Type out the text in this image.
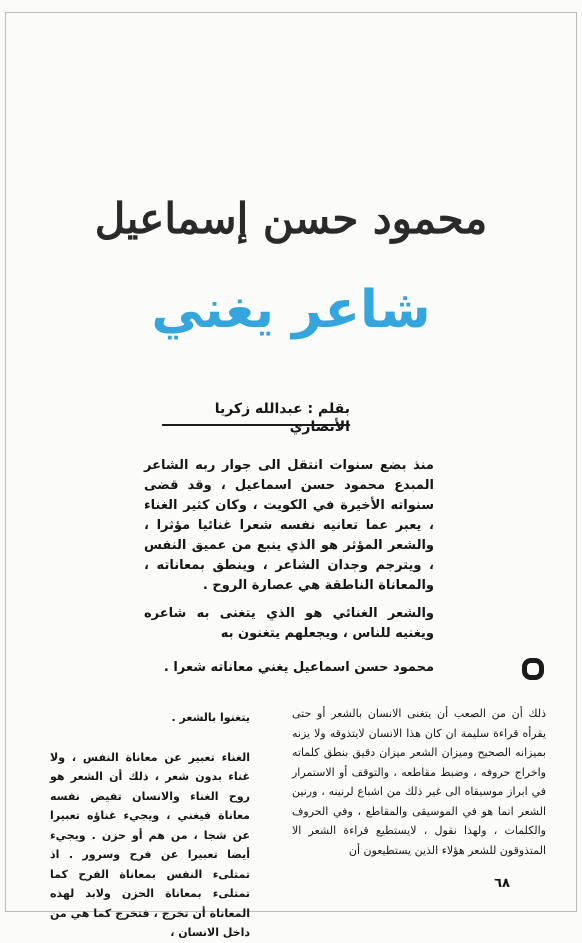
محمود حسن إسماعيل
شاعر يغني
بقلم : عبدالله زكريا الأنصاري

منذ بضع سنوات انتقل الى جوار ربه الشاعر المبدع محمود حسن اسماعيل ، وقد قضى سنواته الأخيرة في الكويت ، وكان كثير الغناء ، يعبر عما تعانيه نفسه شعرا غنائيا مؤثرا ، والشعر المؤثر هو الذي ينبع من عميق النفس ، ويترجم وجدان الشاعر ، وينطق بمعاناته ، والمعاناة الناطقة هي عصارة الروح .

والشعر الغنائي هو الذي يتغنى به شاعره ويغنيه للناس ، ويجعلهم يتغنون به

محمود حسن اسماعيل يغني معاناته شعرا .

ذلك أن من الصعب أن يتغنى الانسان بالشعر أو حتى يقرأه قراءة سليمة ان كان هذا الانسان لايتذوقه ولا يزنه بميزانه الصحيح وميزان الشعر ميزان دقيق بنطق كلماته واخراج حروفه ، وضبط مقاطعه ، والتوقف أو الاستمرار في ابراز موسيقاه الى غير ذلك من اشباع لرنينه ، ورنين الشعر انما هو في الموسيقى والمقاطع ، وفي الحروف والكلمات ، ولهذا نقول ، لايستطيع قراءة الشعر الا المتذوقون للشعر هؤلاء الذين يستطيعون أن

يتغنوا بالشعر .

الغناء تعبير عن معاناة النفس ، ولا غناء بدون شعر ، ذلك أن الشعر هو روح الغناء والانسان تفيض نفسه معاناة فيغني ، ويجيء غناؤه تعبيرا عن شجا ، من هم أو حزن . ويجيء أيضا تعبيرا عن فرح وسرور . اذ تمتلىء النفس بمعاناة الفرح كما تمتلىء بمعاناة الحزن ولابد لهذه المعاناة أن تخرج ، فتخرج كما هي من داخل الانسان ،

٦٨
